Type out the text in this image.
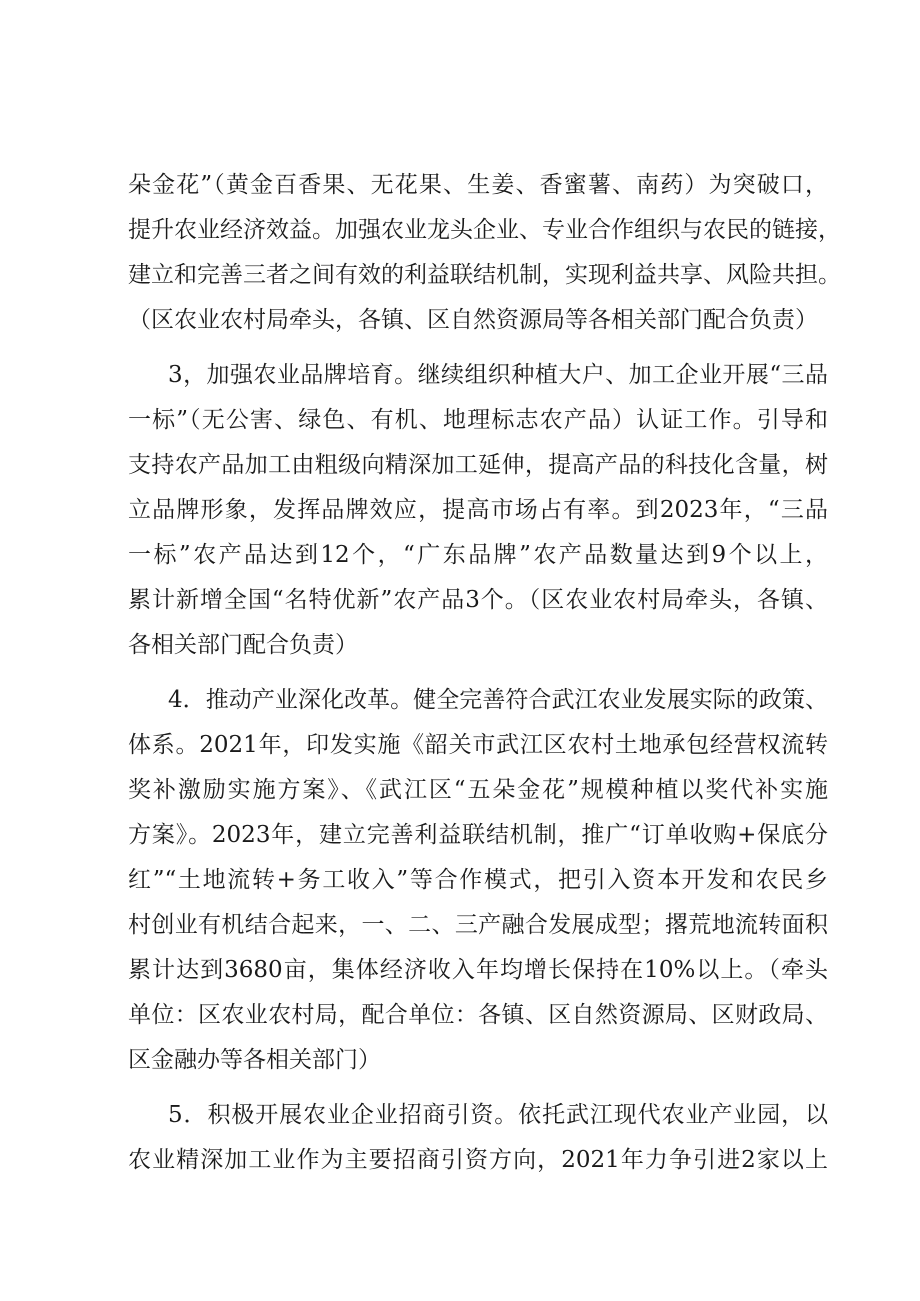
朵金花”（黄金百香果、无花果、生姜、香蜜薯、南药）为突破口，
提升农业经济效益。加强农业龙头企业、专业合作组织与农民的链接，
建立和完善三者之间有效的利益联结机制，实现利益共享、风险共担。
（区农业农村局牵头，各镇、区自然资源局等各相关部门配合负责）
3，加强农业品牌培育。继续组织种植大户、加工企业开展“三品
一标”（无公害、绿色、有机、地理标志农产品）认证工作。引导和
支持农产品加工由粗级向精深加工延伸，提高产品的科技化含量，树
立品牌形象，发挥品牌效应，提高市场占有率。到2023年，“三品
一标”农产品达到12个，“广东品牌”农产品数量达到9个以上，
累计新增全国“名特优新”农产品3个。（区农业农村局牵头，各镇、
各相关部门配合负责）
4．推动产业深化改革。健全完善符合武江农业发展实际的政策、
体系。2021年，印发实施《韶关市武江区农村土地承包经营权流转
奖补激励实施方案》、《武江区“五朵金花”规模种植以奖代补实施
方案》。2023年，建立完善利益联结机制，推广“订单收购+保底分
红”“土地流转+务工收入”等合作模式，把引入资本开发和农民乡
村创业有机结合起来，一、二、三产融合发展成型；撂荒地流转面积
累计达到3680亩，集体经济收入年均增长保持在10%以上。（牵头
单位：区农业农村局，配合单位：各镇、区自然资源局、区财政局、
区金融办等各相关部门）
5．积极开展农业企业招商引资。依托武江现代农业产业园，以
农业精深加工业作为主要招商引资方向，2021年力争引进2家以上
